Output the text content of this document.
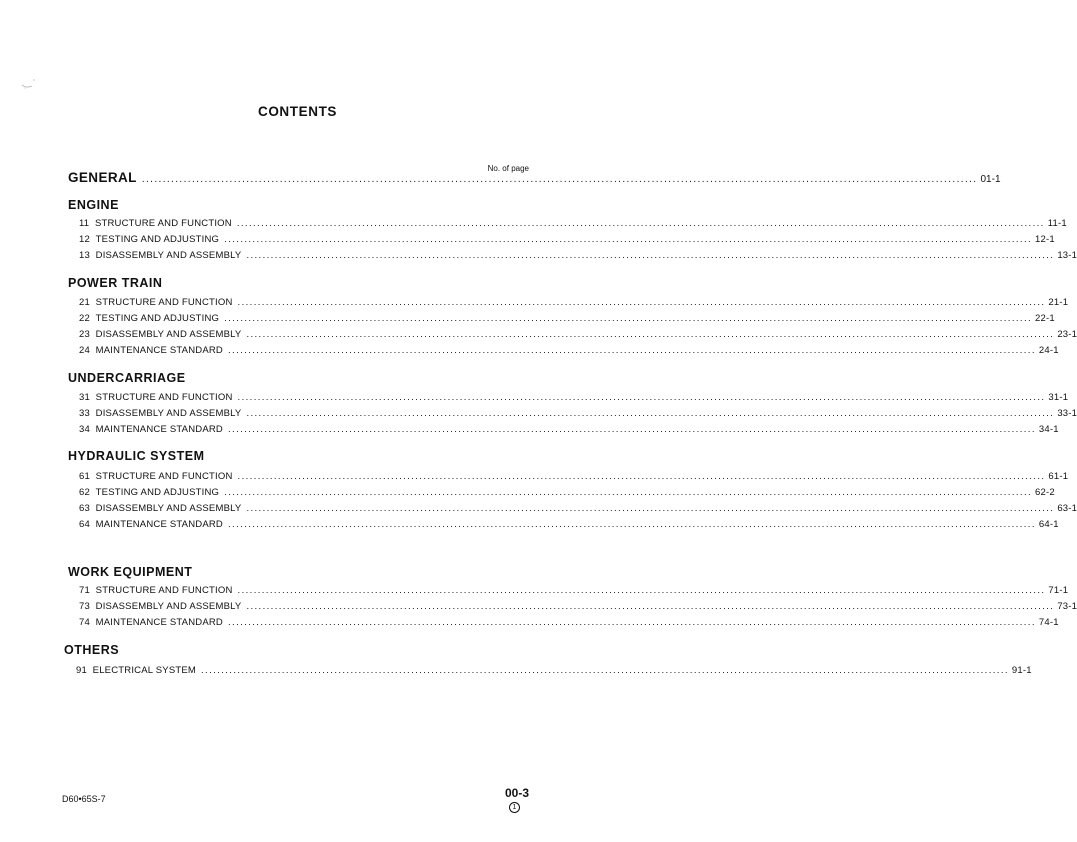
CONTENTS
No. of page
GENERAL ........................................................................................................................................................................................................ 01-1
ENGINE
11 STRUCTURE AND FUNCTION ........................................................................................................................................................................................................ 11-1
12 TESTING AND ADJUSTING ........................................................................................................................................................................................................ 12-1
13 DISASSEMBLY AND ASSEMBLY ........................................................................................................................................................................................................ 13-1
POWER TRAIN
21 STRUCTURE AND FUNCTION ........................................................................................................................................................................................................ 21-1
22 TESTING AND ADJUSTING ........................................................................................................................................................................................................ 22-1
23 DISASSEMBLY AND ASSEMBLY ........................................................................................................................................................................................................ 23-1
24 MAINTENANCE STANDARD ........................................................................................................................................................................................................ 24-1
UNDERCARRIAGE
31 STRUCTURE AND FUNCTION ........................................................................................................................................................................................................ 31-1
33 DISASSEMBLY AND ASSEMBLY ........................................................................................................................................................................................................ 33-1
34 MAINTENANCE STANDARD ........................................................................................................................................................................................................ 34-1
HYDRAULIC SYSTEM
61 STRUCTURE AND FUNCTION ........................................................................................................................................................................................................ 61-1
62 TESTING AND ADJUSTING ........................................................................................................................................................................................................ 62-2
63 DISASSEMBLY AND ASSEMBLY ........................................................................................................................................................................................................ 63-1
64 MAINTENANCE STANDARD ........................................................................................................................................................................................................ 64-1
WORK EQUIPMENT
71 STRUCTURE AND FUNCTION ........................................................................................................................................................................................................ 71-1
73 DISASSEMBLY AND ASSEMBLY ........................................................................................................................................................................................................ 73-1
74 MAINTENANCE STANDARD ........................................................................................................................................................................................................ 74-1
OTHERS
91 ELECTRICAL SYSTEM ........................................................................................................................................................................................................ 91-1
D60•65S-7	00-3
1
